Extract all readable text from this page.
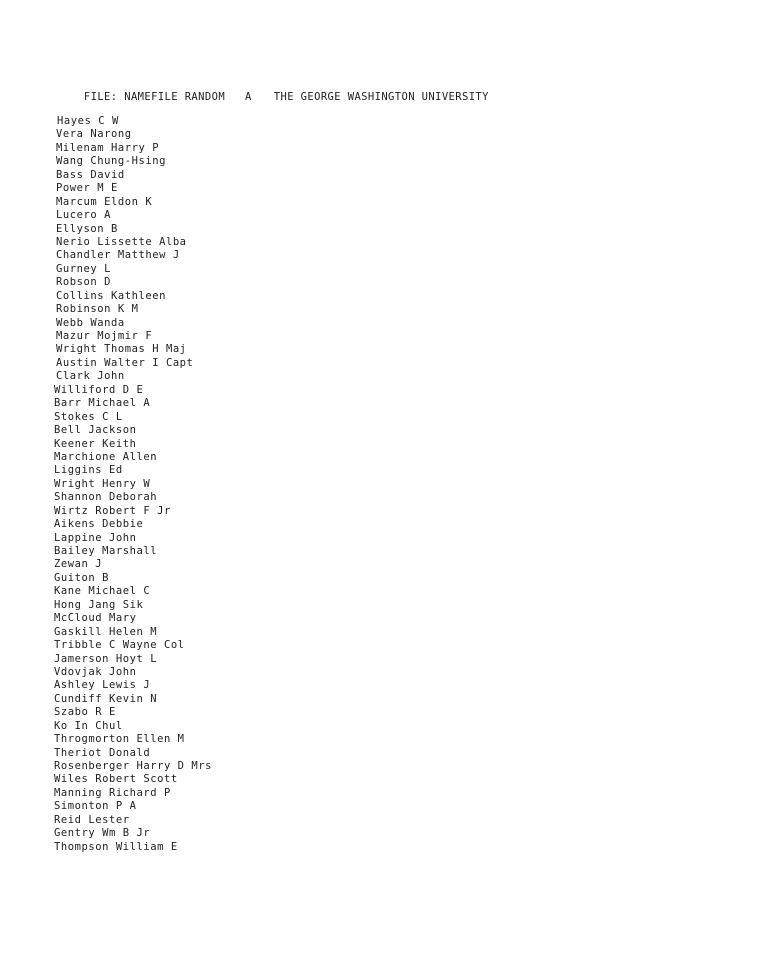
FILE: NAMEFILE RANDOM A THE GEORGE WASHINGTON UNIVERSITY

Hayes C W
Vera Narong
Milenam Harry P
Wang Chung-Hsing
Bass David
Power M E
Marcum Eldon K
Lucero A
Ellyson B
Nerio Lissette Alba
Chandler Matthew J
Gurney L
Robson D
Collins Kathleen
Robinson K M
Webb Wanda
Mazur Mojmir F
Wright Thomas H Maj
Austin Walter I Capt
Clark John
Williford D E
Barr Michael A
Stokes C L
Bell Jackson
Keener Keith
Marchione Allen
Liggins Ed
Wright Henry W
Shannon Deborah
Wirtz Robert F Jr
Aikens Debbie
Lappine John
Bailey Marshall
Zewan J
Guiton B
Kane Michael C
Hong Jang Sik
McCloud Mary
Gaskill Helen M
Tribble C Wayne Col
Jamerson Hoyt L
Vdovjak John
Ashley Lewis J
Cundiff Kevin N
Szabo R E
Ko In Chul
Throgmorton Ellen M
Theriot Donald
Rosenberger Harry D Mrs
Wiles Robert Scott
Manning Richard P
Simonton P A
Reid Lester
Gentry Wm B Jr
Thompson William E
